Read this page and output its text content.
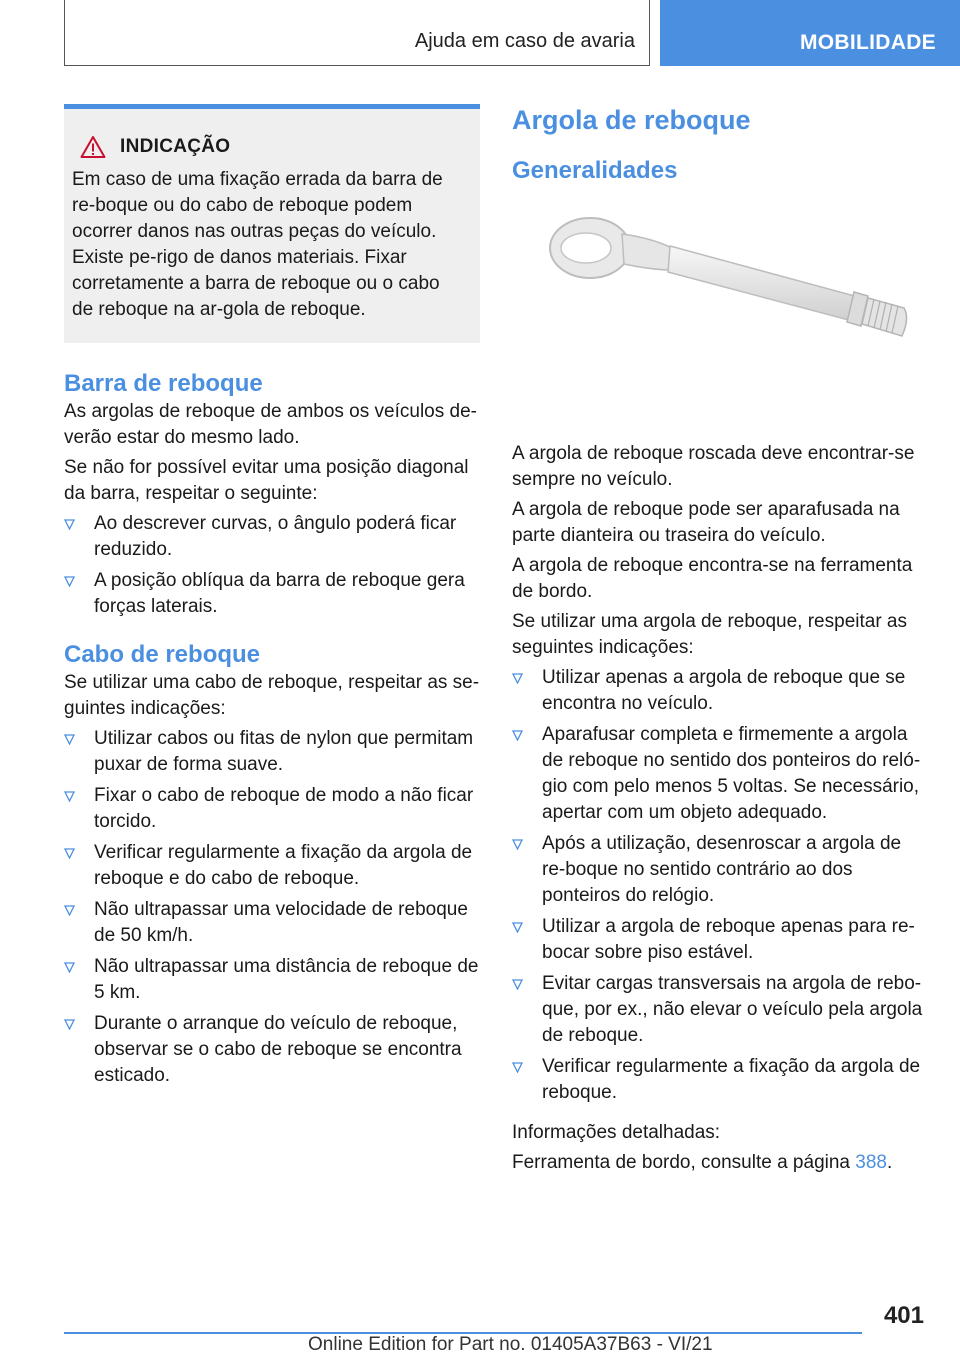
Ajuda em caso de avaria	MOBILIDADE
INDICAÇÃO
Em caso de uma fixação errada da barra de re-boque ou do cabo de reboque podem ocorrer danos nas outras peças do veículo. Existe pe-rigo de danos materiais. Fixar corretamente a barra de reboque ou o cabo de reboque na ar-gola de reboque.
Barra de reboque

As argolas de reboque de ambos os veículos de-verão estar do mesmo lado.

Se não for possível evitar uma posição diagonal da barra, respeitar o seguinte:

Ao descrever curvas, o ângulo poderá ficar reduzido.
A posição oblíqua da barra de reboque gera forças laterais.
Cabo de reboque

Se utilizar uma cabo de reboque, respeitar as se-guintes indicações:

Utilizar cabos ou fitas de nylon que permitam puxar de forma suave.
Fixar o cabo de reboque de modo a não ficar torcido.
Verificar regularmente a fixação da argola de reboque e do cabo de reboque.
Não ultrapassar uma velocidade de reboque de 50 km/h.
Não ultrapassar uma distância de reboque de 5 km.
Durante o arranque do veículo de reboque, observar se o cabo de reboque se encontra esticado.
Argola de reboque
Generalidades

A argola de reboque roscada deve encontrar-se sempre no veículo.

A argola de reboque pode ser aparafusada na parte dianteira ou traseira do veículo.

A argola de reboque encontra-se na ferramenta de bordo.

Se utilizar uma argola de reboque, respeitar as seguintes indicações:

Utilizar apenas a argola de reboque que se encontra no veículo.
Aparafusar completa e firmemente a argola de reboque no sentido dos ponteiros do reló-gio com pelo menos 5 voltas. Se necessário, apertar com um objeto adequado.
Após a utilização, desenroscar a argola de re-boque no sentido contrário ao dos ponteiros do relógio.
Utilizar a argola de reboque apenas para re-bocar sobre piso estável.
Evitar cargas transversais na argola de rebo-que, por ex., não elevar o veículo pela argola de reboque.
Verificar regularmente a fixação da argola de reboque.

Informações detalhadas:

Ferramenta de bordo, consulte a página 388.

401
Online Edition for Part no. 01405A37B63 - VI/21
